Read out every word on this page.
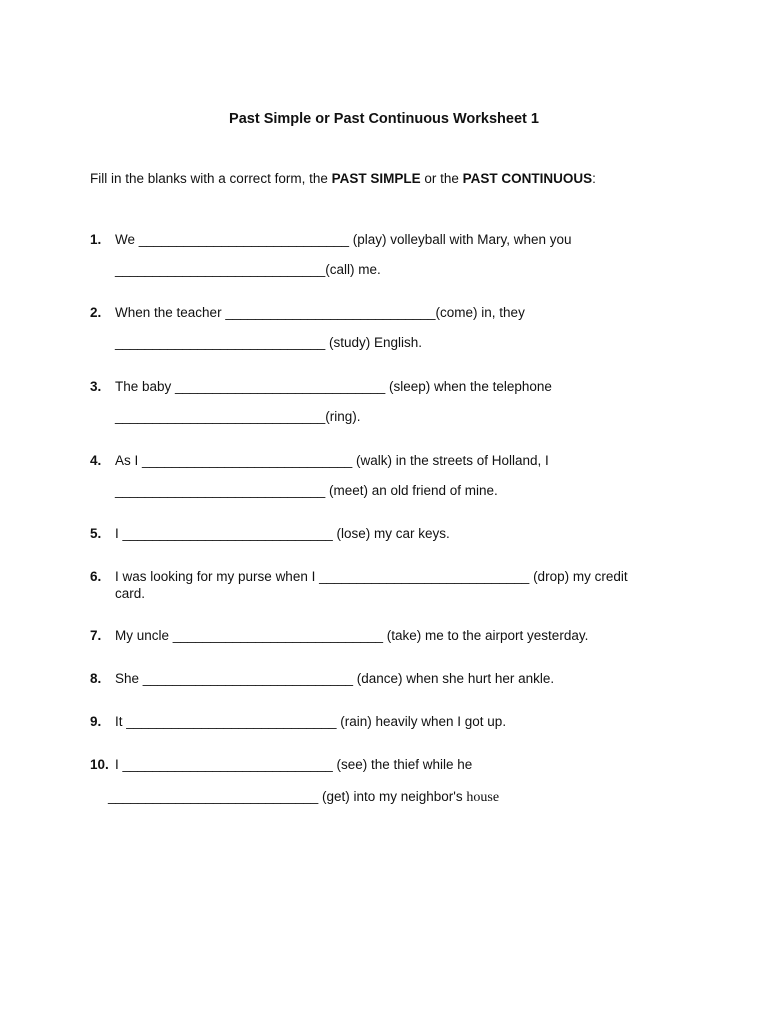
Past Simple or Past Continuous Worksheet 1
Fill in the blanks with a correct form, the PAST SIMPLE or the PAST CONTINUOUS:
1. We ____________________________ (play) volleyball with Mary, when you
____________________________(call) me.
2. When the teacher ____________________________(come) in, they
____________________________ (study) English.
3. The baby ____________________________ (sleep) when the telephone
____________________________(ring).
4. As I ____________________________ (walk) in the streets of Holland, I
____________________________ (meet) an old friend of mine.
5. I ____________________________ (lose) my car keys.
6. I was looking for my purse when I ____________________________ (drop) my credit
card.
7. My uncle ____________________________ (take) me to the airport yesterday.
8. She ____________________________ (dance) when she hurt her ankle.
9. It ____________________________ (rain) heavily when I got up.
10. I ____________________________ (see) the thief while he
____________________________ (get) into my neighbor's house
